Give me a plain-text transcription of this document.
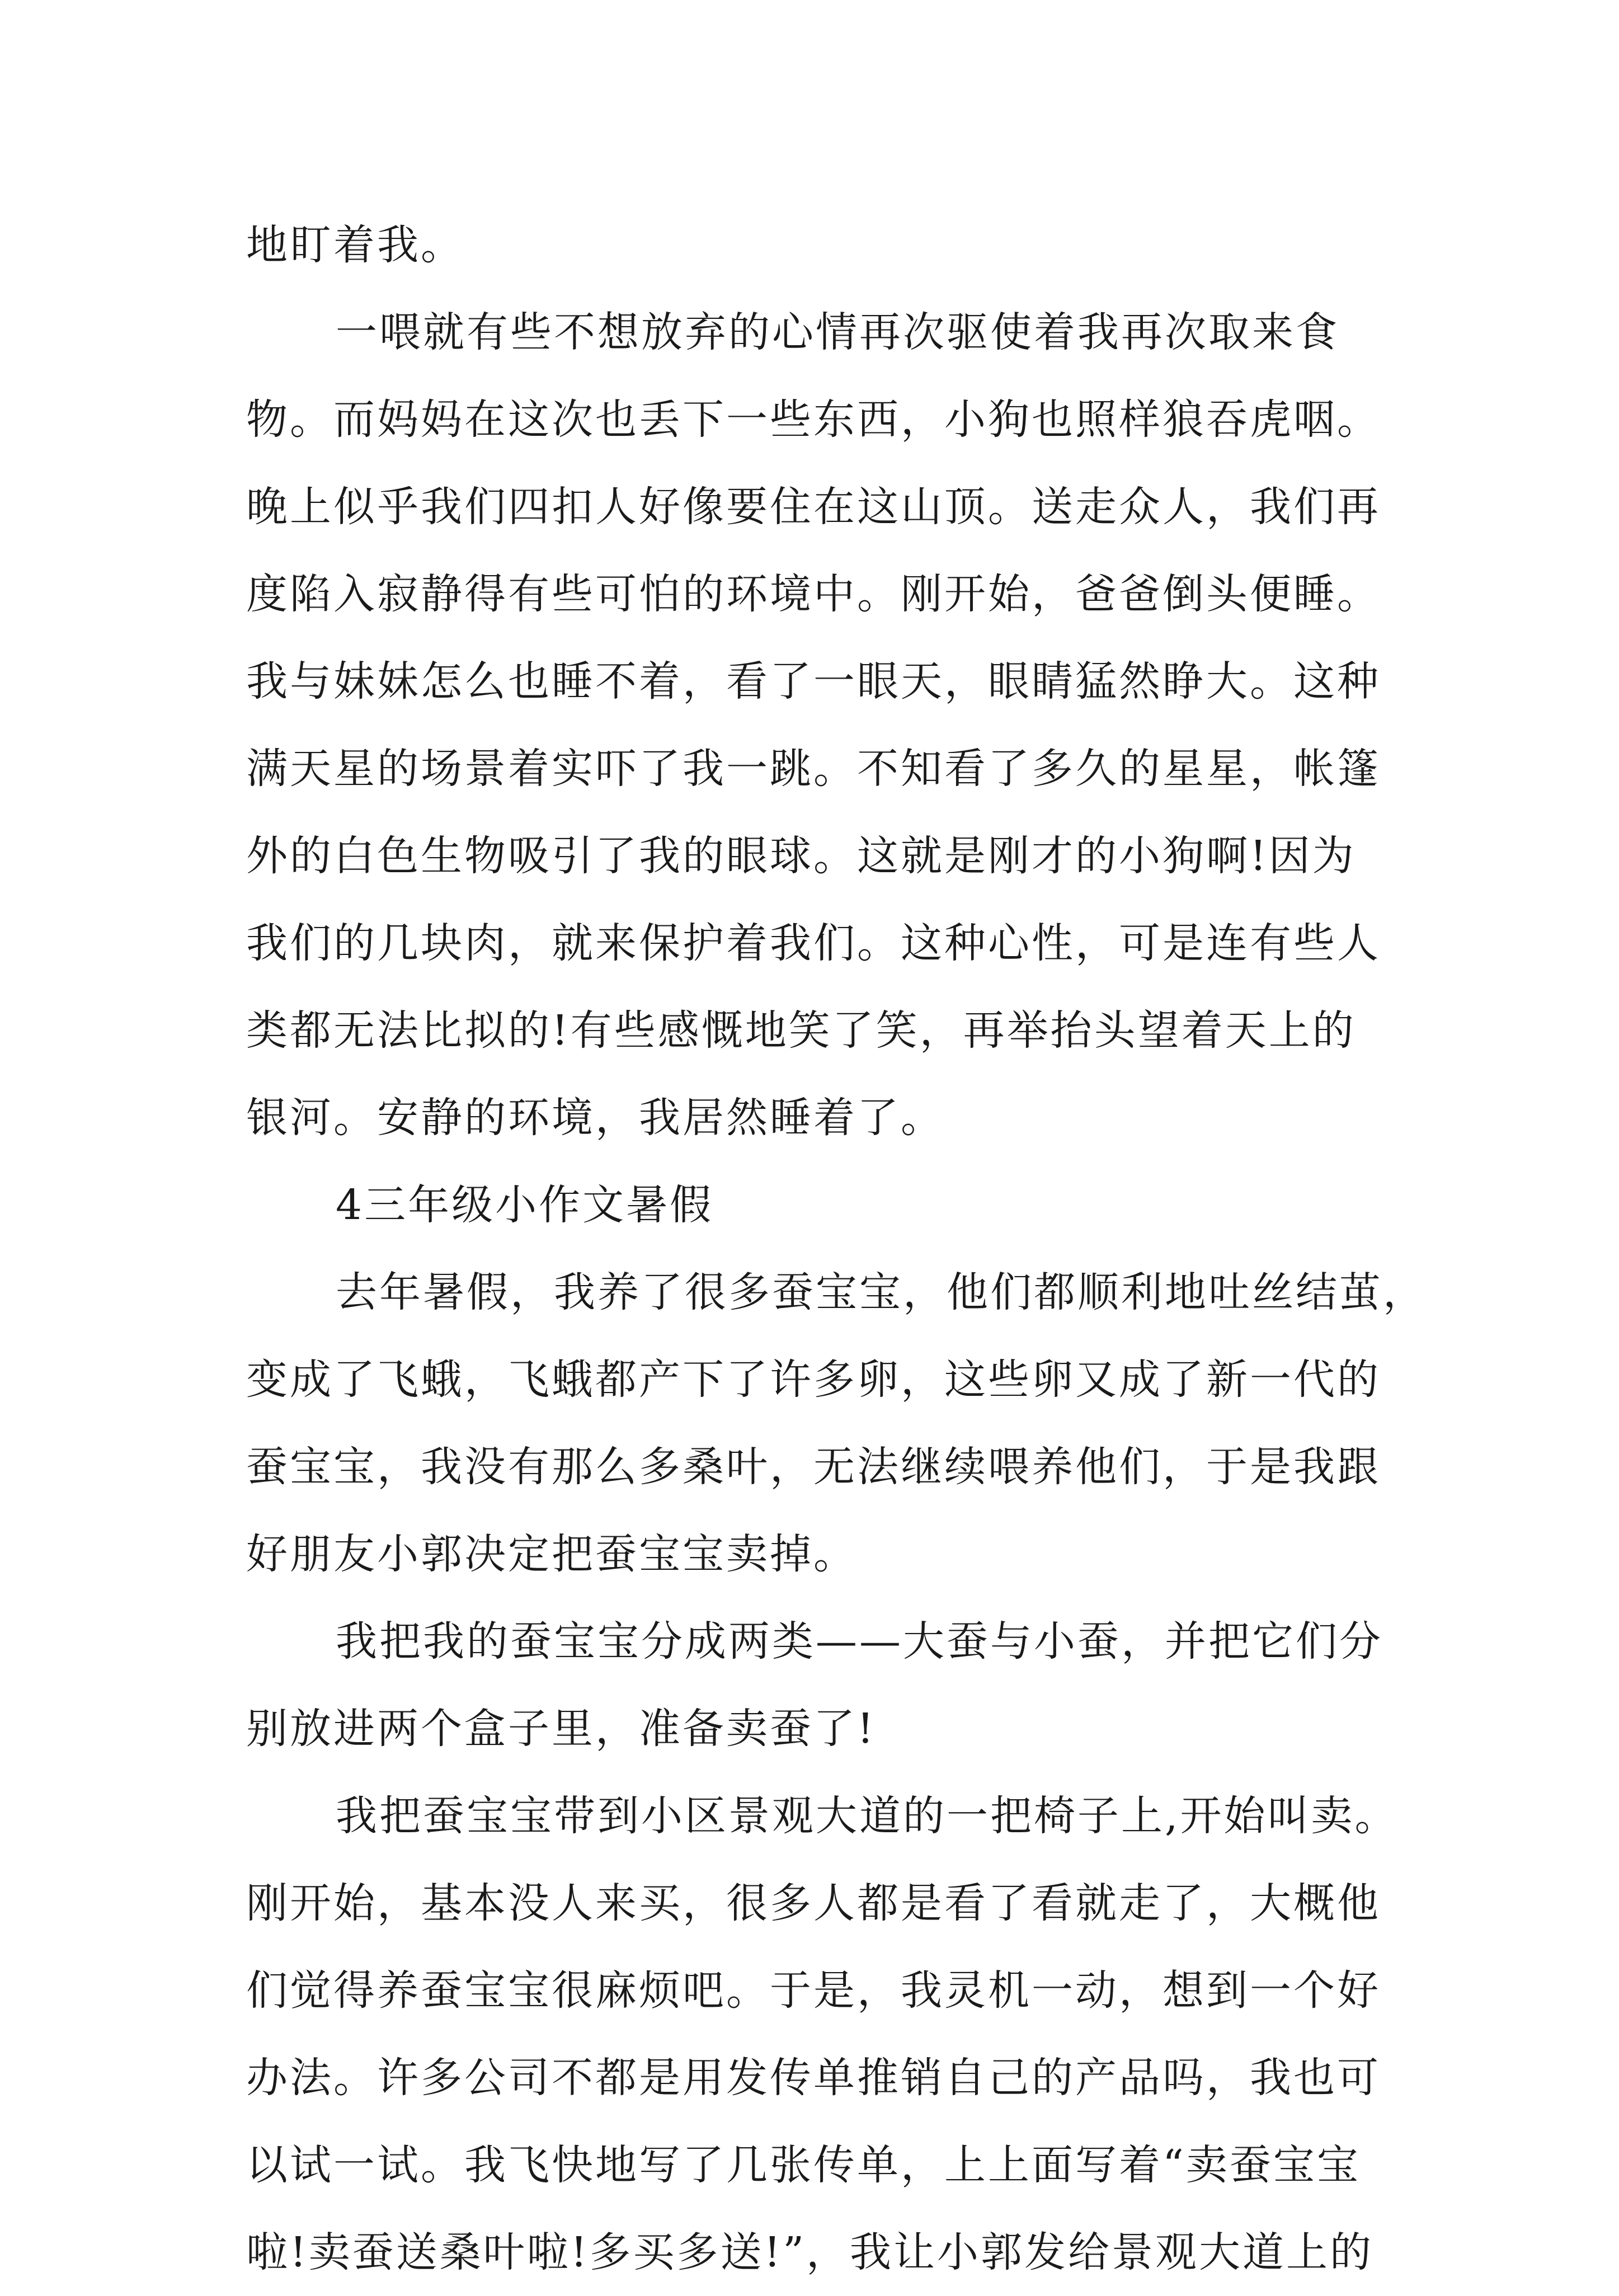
地盯着我。
一喂就有些不想放弃的心情再次驱使着我再次取来食
物。而妈妈在这次也丢下一些东西，小狗也照样狼吞虎咽。
晚上似乎我们四扣人好像要住在这山顶。送走众人，我们再
度陷入寂静得有些可怕的环境中。刚开始，爸爸倒头便睡。
我与妹妹怎么也睡不着，看了一眼天，眼睛猛然睁大。这种
满天星的场景着实吓了我一跳。不知看了多久的星星，帐篷
外的白色生物吸引了我的眼球。这就是刚才的小狗啊!因为
我们的几块肉，就来保护着我们。这种心性，可是连有些人
类都无法比拟的!有些感慨地笑了笑，再举抬头望着天上的
银河。安静的环境，我居然睡着了。
4三年级小作文暑假
去年暑假，我养了很多蚕宝宝，他们都顺利地吐丝结茧，
变成了飞蛾，飞蛾都产下了许多卵，这些卵又成了新一代的
蚕宝宝，我没有那么多桑叶，无法继续喂养他们，于是我跟
好朋友小郭决定把蚕宝宝卖掉。
我把我的蚕宝宝分成两类——大蚕与小蚕，并把它们分
别放进两个盒子里，准备卖蚕了!
我把蚕宝宝带到小区景观大道的一把椅子上,开始叫卖。
刚开始，基本没人来买，很多人都是看了看就走了，大概他
们觉得养蚕宝宝很麻烦吧。于是，我灵机一动，想到一个好
办法。许多公司不都是用发传单推销自己的产品吗，我也可
以试一试。我飞快地写了几张传单，上上面写着“卖蚕宝宝
啦!卖蚕送桑叶啦!多买多送!”，我让小郭发给景观大道上的
